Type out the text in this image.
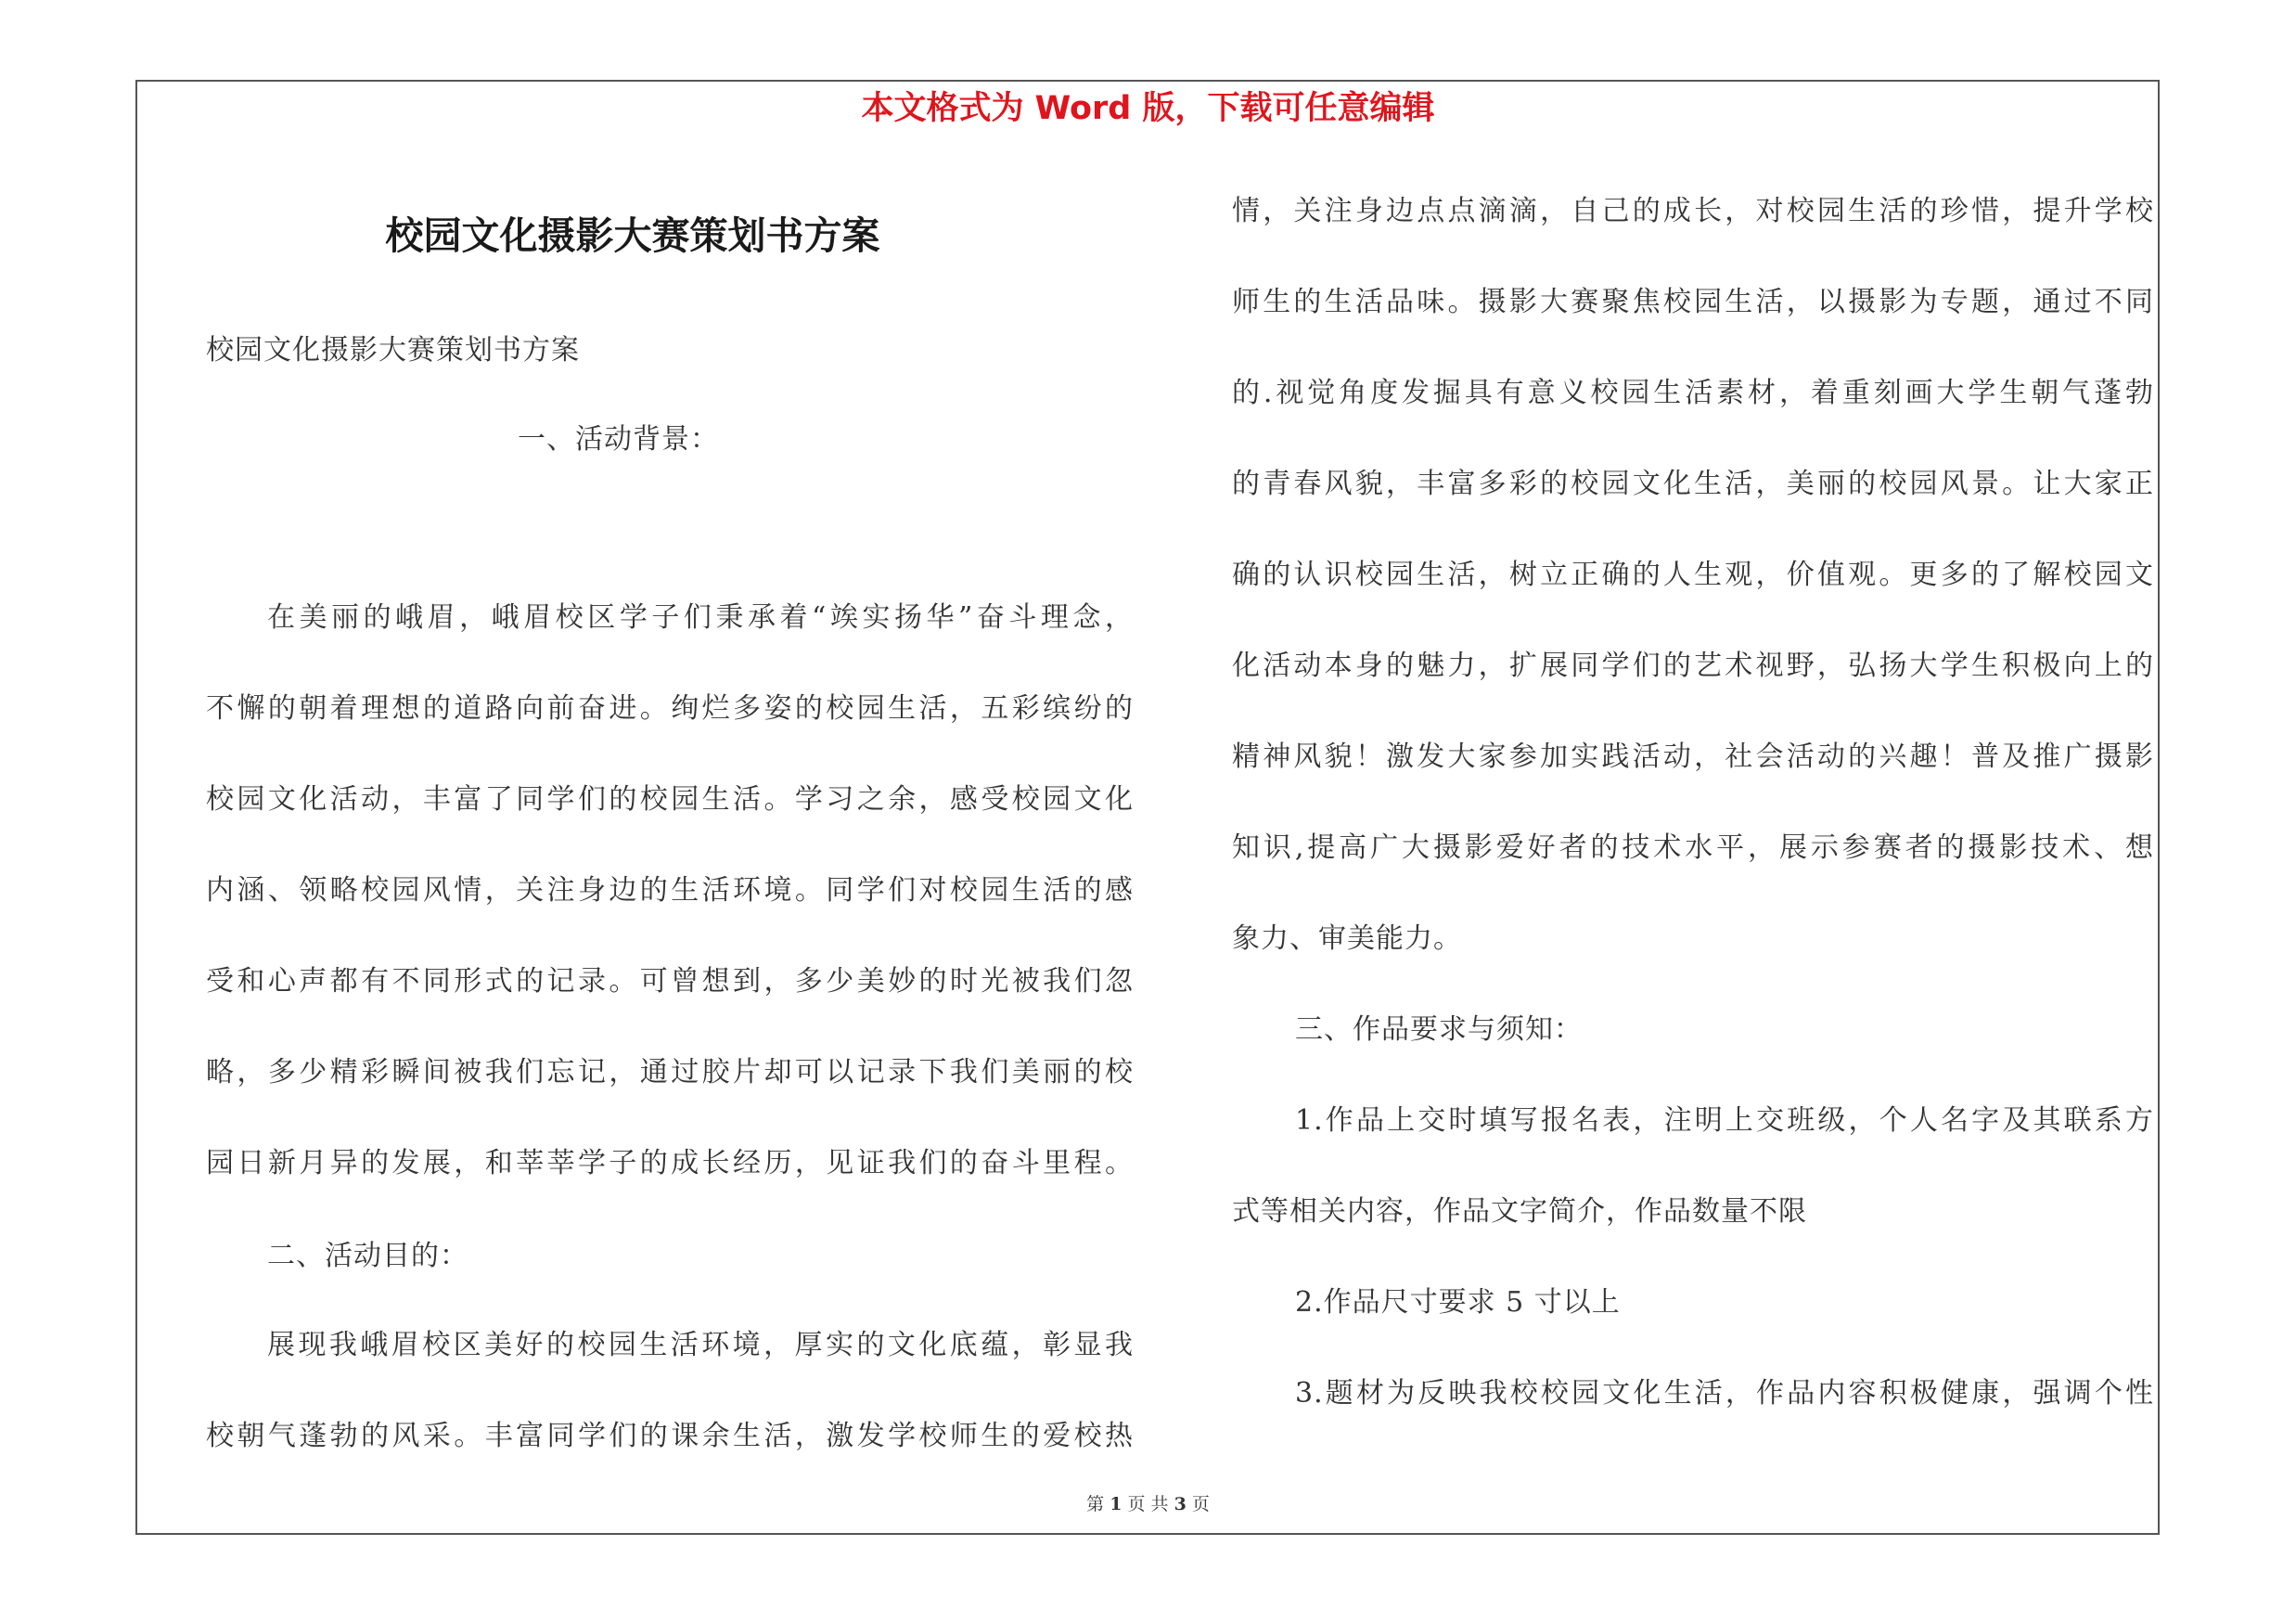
本文格式为 Word 版，下载可任意编辑
校园文化摄影大赛策划书方案
校园文化摄影大赛策划书方案
一、活动背景：
在美丽的峨眉，峨眉校区学子们秉承着“竢实扬华”奋斗理念，
不懈的朝着理想的道路向前奋进。绚烂多姿的校园生活，五彩缤纷的
校园文化活动，丰富了同学们的校园生活。学习之余，感受校园文化
内涵、领略校园风情，关注身边的生活环境。同学们对校园生活的感
受和心声都有不同形式的记录。可曾想到，多少美妙的时光被我们忽
略，多少精彩瞬间被我们忘记，通过胶片却可以记录下我们美丽的校
园日新月异的发展，和莘莘学子的成长经历，见证我们的奋斗里程。
二、活动目的：
展现我峨眉校区美好的校园生活环境，厚实的文化底蕴，彰显我
校朝气蓬勃的风采。丰富同学们的课余生活，激发学校师生的爱校热
情，关注身边点点滴滴，自己的成长，对校园生活的珍惜，提升学校
师生的生活品味。摄影大赛聚焦校园生活，以摄影为专题，通过不同
的.视觉角度发掘具有意义校园生活素材，着重刻画大学生朝气蓬勃
的青春风貌，丰富多彩的校园文化生活，美丽的校园风景。让大家正
确的认识校园生活，树立正确的人生观，价值观。更多的了解校园文
化活动本身的魅力，扩展同学们的艺术视野，弘扬大学生积极向上的
精神风貌！激发大家参加实践活动，社会活动的兴趣！普及推广摄影
知识,提高广大摄影爱好者的技术水平，展示参赛者的摄影技术、想
象力、审美能力。
三、作品要求与须知：
1.作品上交时填写报名表，注明上交班级，个人名字及其联系方
式等相关内容，作品文字简介，作品数量不限
2.作品尺寸要求 5 寸以上
3.题材为反映我校校园文化生活，作品内容积极健康，强调个性
第 1 页 共 3 页
